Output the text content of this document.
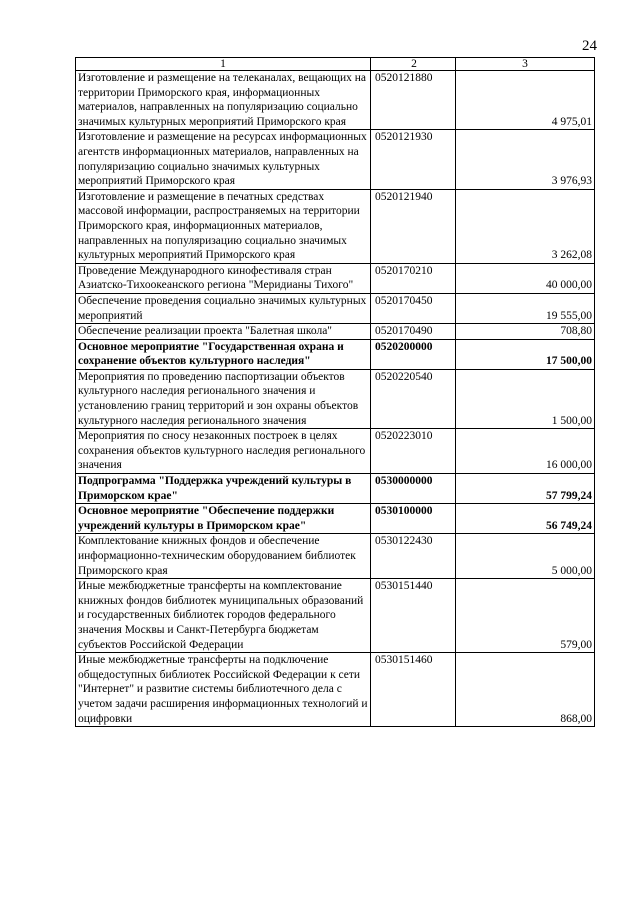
24
1	2	3
Изготовление и размещение на телеканалах, вещающих на территории Приморского края, информационных материалов, направленных на популяризацию социально значимых культурных мероприятий Приморского края	0520121880	4 975,01
Изготовление и размещение на ресурсах информационных агентств информационных материалов, направленных на популяризацию социально значимых культурных мероприятий Приморского края	0520121930	3 976,93
Изготовление и размещение в печатных средствах массовой информации, распространяемых на территории Приморского края, информационных материалов, направленных на популяризацию социально значимых культурных мероприятий Приморского края	0520121940	3 262,08
Проведение Международного кинофестиваля стран Азиатско-Тихоокеанского региона "Меридианы Тихого"	0520170210	40 000,00
Обеспечение проведения социально значимых культурных мероприятий	0520170450	19 555,00
Обеспечение реализации проекта "Балетная школа"	0520170490	708,80
Основное мероприятие "Государственная охрана и сохранение объектов культурного наследия"	0520200000	17 500,00
Мероприятия по проведению паспортизации объектов культурного наследия регионального значения и установлению границ территорий и зон охраны объектов культурного наследия регионального значения	0520220540	1 500,00
Мероприятия по сносу незаконных построек в целях сохранения объектов культурного наследия регионального значения	0520223010	16 000,00
Подпрограмма "Поддержка учреждений культуры в Приморском крае"	0530000000	57 799,24
Основное мероприятие "Обеспечение поддержки учреждений культуры в Приморском крае"	0530100000	56 749,24
Комплектование книжных фондов и обеспечение информационно-техническим оборудованием библиотек Приморского края	0530122430	5 000,00
Иные межбюджетные трансферты на комплектование книжных фондов библиотек муниципальных образований и государственных библиотек городов федерального значения Москвы и Санкт-Петербурга бюджетам субъектов Российской Федерации	0530151440	579,00
Иные межбюджетные трансферты на подключение общедоступных библиотек Российской Федерации к сети "Интернет" и развитие системы библиотечного дела с учетом задачи расширения информационных технологий и оцифровки	0530151460	868,00
